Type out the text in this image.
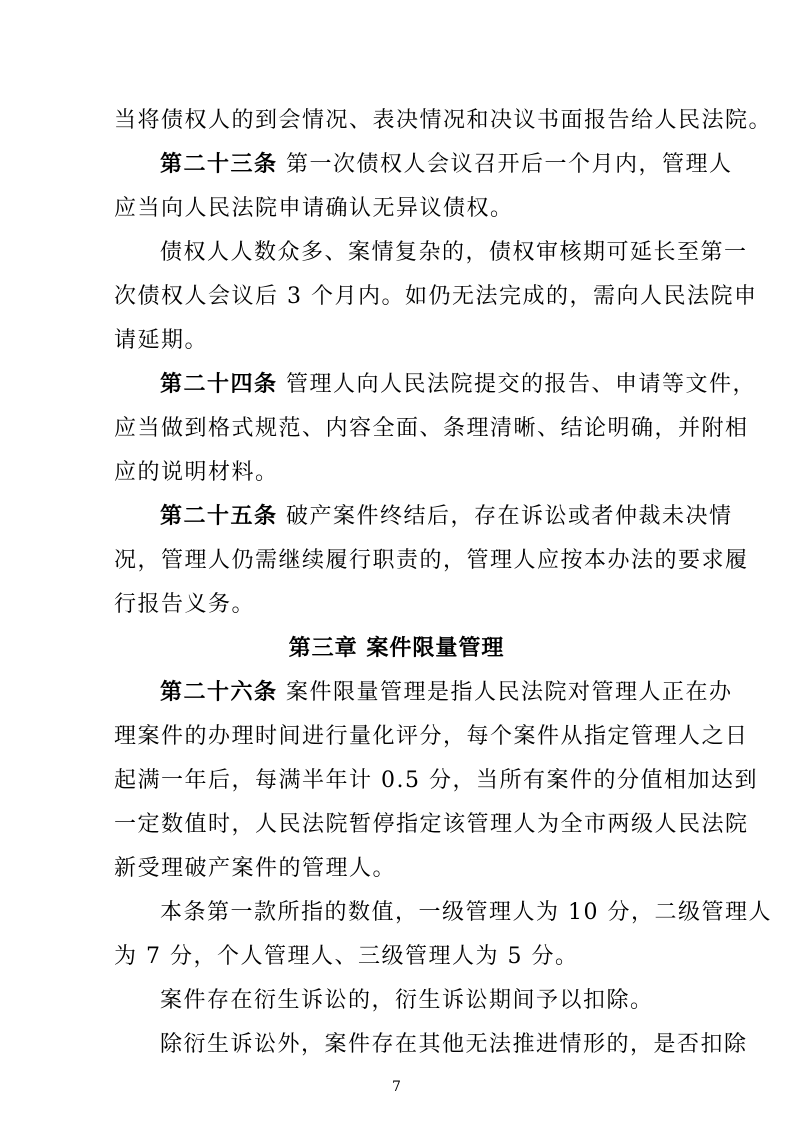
当将债权人的到会情况、表决情况和决议书面报告给人民法院。
第二十三条 第一次债权人会议召开后一个月内，管理人
应当向人民法院申请确认无异议债权。
债权人人数众多、案情复杂的，债权审核期可延长至第一
次债权人会议后 3 个月内。如仍无法完成的，需向人民法院申
请延期。
第二十四条 管理人向人民法院提交的报告、申请等文件，
应当做到格式规范、内容全面、条理清晰、结论明确，并附相
应的说明材料。
第二十五条 破产案件终结后，存在诉讼或者仲裁未决情
况，管理人仍需继续履行职责的，管理人应按本办法的要求履
行报告义务。
第三章 案件限量管理
第二十六条 案件限量管理是指人民法院对管理人正在办
理案件的办理时间进行量化评分，每个案件从指定管理人之日
起满一年后，每满半年计 0.5 分，当所有案件的分值相加达到
一定数值时，人民法院暂停指定该管理人为全市两级人民法院
新受理破产案件的管理人。
本条第一款所指的数值，一级管理人为 10 分，二级管理人
为 7 分，个人管理人、三级管理人为 5 分。
案件存在衍生诉讼的，衍生诉讼期间予以扣除。
除衍生诉讼外，案件存在其他无法推进情形的，是否扣除
7
